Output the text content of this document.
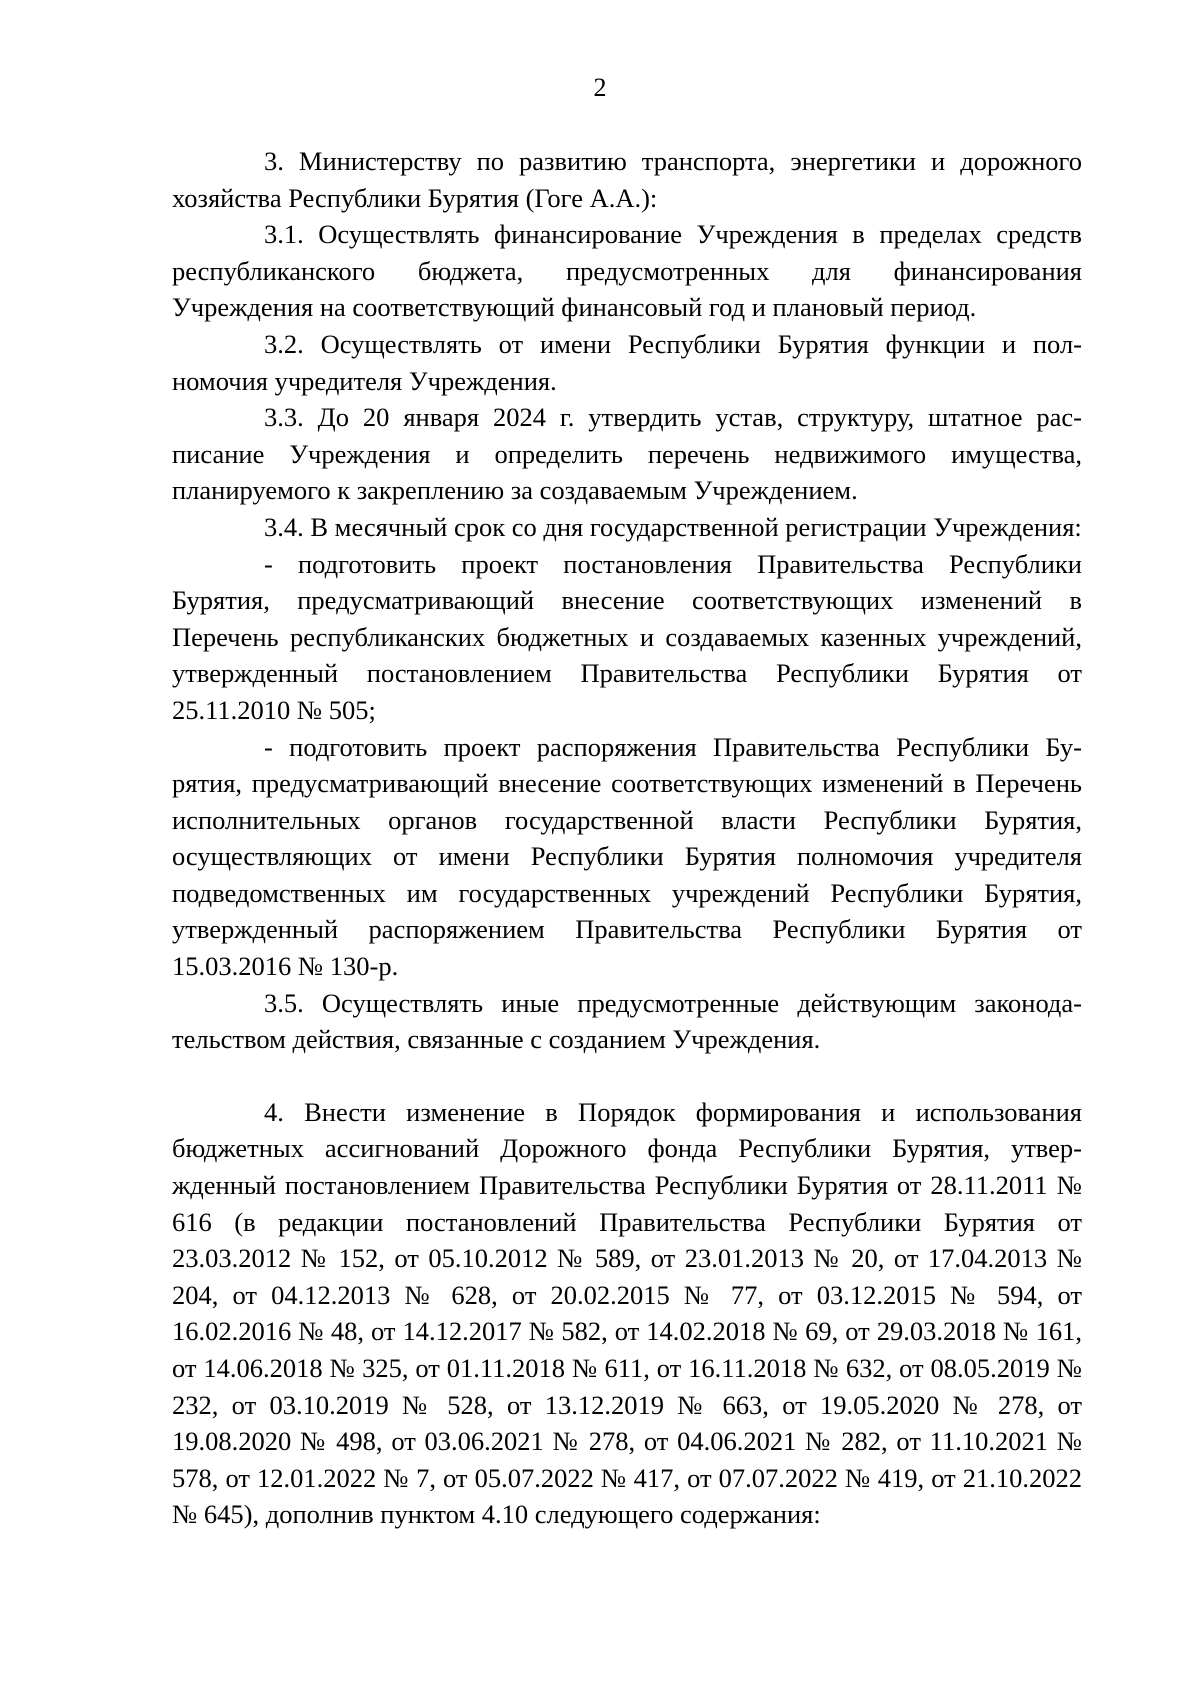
2

3. Министерству по развитию транспорта, энергетики и дорожного хозяйства Республики Бурятия (Гоге А.А.):

3.1. Осуществлять финансирование Учреждения в пределах средств республиканского бюджета, предусмотренных для финансирования Учреждения на соответствующий финансовый год и плановый период.

3.2. Осуществлять от имени Республики Бурятия функции и полномочия учредителя Учреждения.

3.3. До 20 января 2024 г. утвердить устав, структуру, штатное расписание Учреждения и определить перечень недвижимого имущества, планируемого к закреплению за создаваемым Учреждением.

3.4. В месячный срок со дня государственной регистрации Учреждения:

- подготовить проект постановления Правительства Республики Бурятия, предусматривающий внесение соответствующих изменений в Перечень республиканских бюджетных и создаваемых казенных учреждений, утвержденный постановлением Правительства Республики Бурятия от 25.11.2010 № 505;

- подготовить проект распоряжения Правительства Республики Бурятия, предусматривающий внесение соответствующих изменений в Перечень исполнительных органов государственной власти Республики Бурятия, осуществляющих от имени Республики Бурятия полномочия учредителя подведомственных им государственных учреждений Республики Бурятия, утвержденный распоряжением Правительства Республики Бурятия от 15.03.2016 № 130-р.

3.5. Осуществлять иные предусмотренные действующим законодательством действия, связанные с созданием Учреждения.

4. Внести изменение в Порядок формирования и использования бюджетных ассигнований Дорожного фонда Республики Бурятия, утвержденный постановлением Правительства Республики Бурятия от 28.11.2011 № 616 (в редакции постановлений Правительства Республики Бурятия от 23.03.2012 № 152, от 05.10.2012 № 589, от 23.01.2013 № 20, от 17.04.2013 № 204, от 04.12.2013 № 628, от 20.02.2015 № 77, от 03.12.2015 № 594, от 16.02.2016 № 48, от 14.12.2017 № 582, от 14.02.2018 № 69, от 29.03.2018 № 161, от 14.06.2018 № 325, от 01.11.2018 № 611, от 16.11.2018 № 632, от 08.05.2019 № 232, от 03.10.2019 № 528, от 13.12.2019 № 663, от 19.05.2020 № 278, от 19.08.2020 № 498, от 03.06.2021 № 278, от 04.06.2021 № 282, от 11.10.2021 № 578, от 12.01.2022 № 7, от 05.07.2022 № 417, от 07.07.2022 № 419, от 21.10.2022 № 645), дополнив пунктом 4.10 следующего содержания:
